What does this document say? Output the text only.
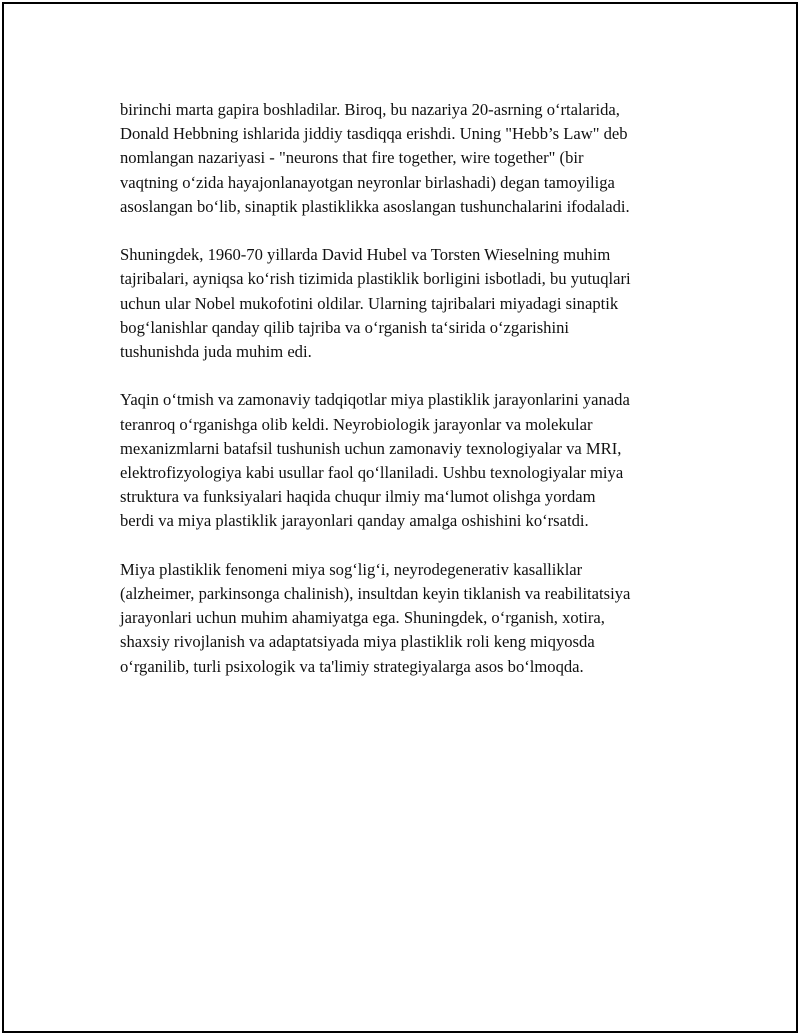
birinchi marta gapira boshladilar. Biroq, bu nazariya 20-asrning o‘rtalarida,
Donald Hebbning ishlarida jiddiy tasdiqqa erishdi. Uning "Hebb’s Law" deb
nomlangan nazariyasi - "neurons that fire together, wire together" (bir
vaqtning o‘zida hayajonlanayotgan neyronlar birlashadi) degan tamoyiliga
asoslangan bo‘lib, sinaptik plastiklikka asoslangan tushunchalarini ifodaladi.

Shuningdek, 1960-70 yillarda David Hubel va Torsten Wieselning muhim
tajribalari, ayniqsa ko‘rish tizimida plastiklik borligini isbotladi, bu yutuqlari
uchun ular Nobel mukofotini oldilar. Ularning tajribalari miyadagi sinaptik
bog‘lanishlar qanday qilib tajriba va o‘rganish ta‘sirida o‘zgarishini
tushunishda juda muhim edi.

Yaqin o‘tmish va zamonaviy tadqiqotlar miya plastiklik jarayonlarini yanada
teranroq o‘rganishga olib keldi. Neyrobiologik jarayonlar va molekular
mexanizmlarni batafsil tushunish uchun zamonaviy texnologiyalar va MRI,
elektrofizyologiya kabi usullar faol qo‘llaniladi. Ushbu texnologiyalar miya
struktura va funksiyalari haqida chuqur ilmiy ma‘lumot olishga yordam
berdi va miya plastiklik jarayonlari qanday amalga oshishini ko‘rsatdi.

Miya plastiklik fenomeni miya sog‘lig‘i, neyrodegenerativ kasalliklar
(alzheimer, parkinsonga chalinish), insultdan keyin tiklanish va reabilitatsiya
jarayonlari uchun muhim ahamiyatga ega. Shuningdek, o‘rganish, xotira,
shaxsiy rivojlanish va adaptatsiyada miya plastiklik roli keng miqyosda
o‘rganilib, turli psixologik va ta'limiy strategiyalarga asos bo‘lmoqda.
